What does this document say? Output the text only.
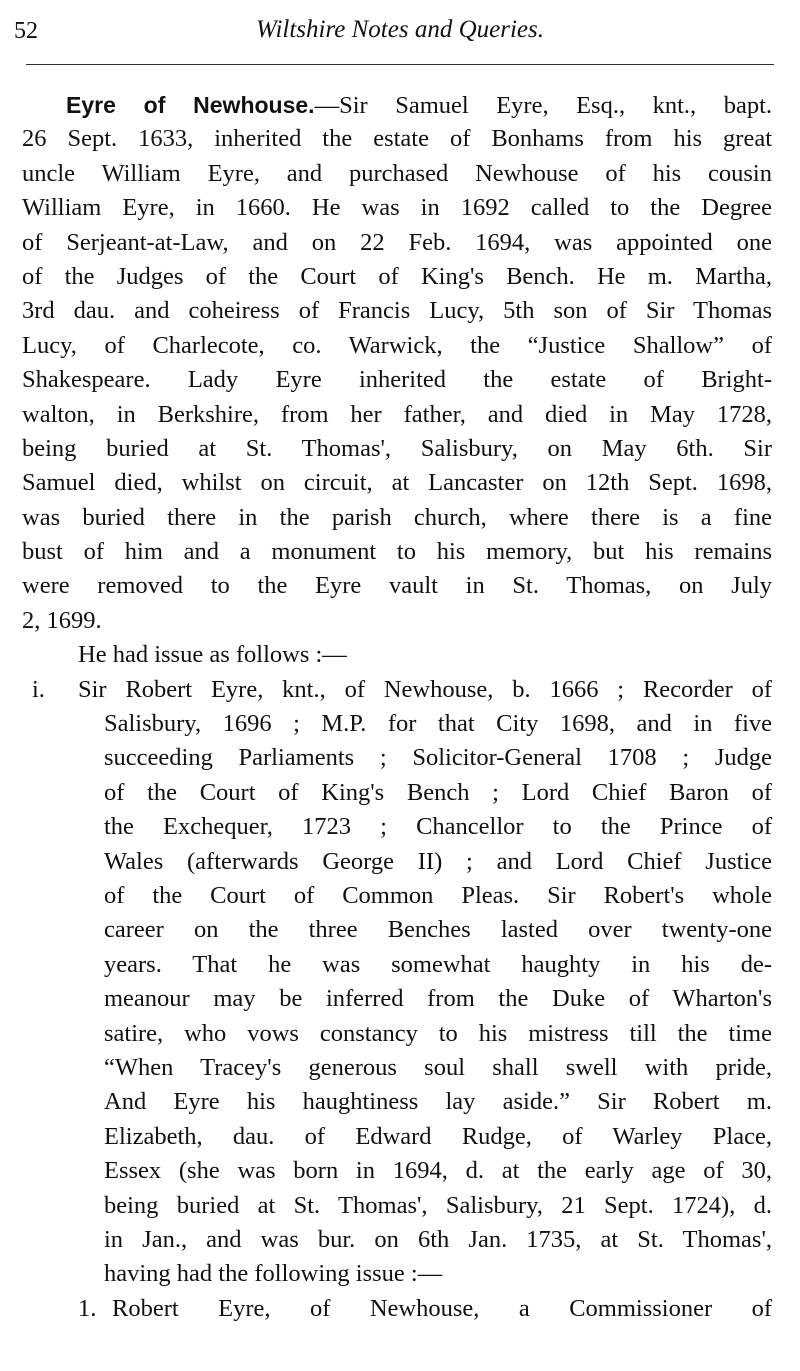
52	Wiltshire Notes and Queries.
Eyre of Newhouse.—Sir Samuel Eyre, Esq., knt., bapt.
26 Sept. 1633, inherited the estate of Bonhams from his great
uncle William Eyre, and purchased Newhouse of his cousin
William Eyre, in 1660. He was in 1692 called to the Degree
of Serjeant-at-Law, and on 22 Feb. 1694, was appointed one
of the Judges of the Court of King's Bench. He m. Martha,
3rd dau. and coheiress of Francis Lucy, 5th son of Sir Thomas
Lucy, of Charlecote, co. Warwick, the “Justice Shallow” of
Shakespeare. Lady Eyre inherited the estate of Bright-
walton, in Berkshire, from her father, and died in May 1728,
being buried at St. Thomas', Salisbury, on May 6th. Sir
Samuel died, whilst on circuit, at Lancaster on 12th Sept. 1698,
was buried there in the parish church, where there is a fine
bust of him and a monument to his memory, but his remains
were removed to the Eyre vault in St. Thomas, on July
2, 1699.
He had issue as follows :—
i. Sir Robert Eyre, knt., of Newhouse, b. 1666 ; Recorder of
Salisbury, 1696 ; M.P. for that City 1698, and in five
succeeding Parliaments ; Solicitor-General 1708 ; Judge
of the Court of King's Bench ; Lord Chief Baron of
the Exchequer, 1723 ; Chancellor to the Prince of
Wales (afterwards George II) ; and Lord Chief Justice
of the Court of Common Pleas. Sir Robert's whole
career on the three Benches lasted over twenty-one
years. That he was somewhat haughty in his de-
meanour may be inferred from the Duke of Wharton's
satire, who vows constancy to his mistress till the time
“When Tracey's generous soul shall swell with pride,
And Eyre his haughtiness lay aside.” Sir Robert m.
Elizabeth, dau. of Edward Rudge, of Warley Place,
Essex (she was born in 1694, d. at the early age of 30,
being buried at St. Thomas', Salisbury, 21 Sept. 1724), d.
in Jan., and was bur. on 6th Jan. 1735, at St. Thomas',
having had the following issue :—
1. Robert Eyre, of Newhouse, a Commissioner of
